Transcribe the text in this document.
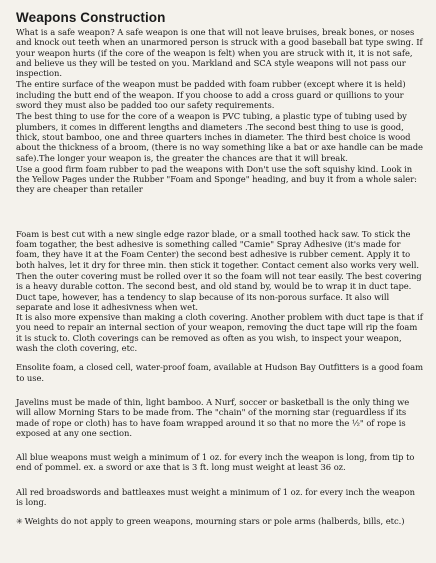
Weapons Construction

What is a safe weapon? A safe weapon is one that will not leave bruises, break bones, or noses and knock out teeth when an unarmored person is struck with a good baseball bat type swing. If your weapon hurts (if the core of the weapon is felt) when you are struck with it, it is not safe, and believe us they will be tested on you. Markland and SCA style weapons will not pass our inspection.

The entire surface of the weapon must be padded with foam rubber (except where it is held) including the butt end of the weapon. If you choose to add a cross guard or quillions to your sword they must also be padded too our safety requirements.

The best thing to use for the core of a weapon is PVC tubing, a plastic type of tubing used by plumbers, it comes in different lengths and diameters .The second best thing to use is good, thick, stout bamboo, one and three quarters inches in diameter. The third best choice is wood about the thickness of a broom, (there is no way something like a bat or axe handle can be made safe).The longer your weapon is, the greater the chances are that it will break.

Use a good firm foam rubber to pad the weapons with Don't use the soft squishy kind. Look in the Yellow Pages under the Rubber "Foam and Sponge" heading, and buy it from a whole saler: they are cheaper than retailer

Foam is best cut with a new single edge razor blade, or a small toothed hack saw. To stick the foam togather, the best adhesive is something called "Camie" Spray Adhesive (it's made for foam, they have it at the Foam Center) the second best adhesive is rubber cement. Apply it to both halves, let it dry for three min. then stick it together. Contact cement also works very well.

Then the outer covering must be rolled over it so the foam will not tear easily. The best covering is a heavy durable cotton. The second best, and old stand by, would be to wrap it in duct tape. Duct tape, however, has a tendency to slap because of its non-porous surface. It also will separate and lose it adhesivness when wet.

It is also more expensive than making a cloth covering. Another problem with duct tape is that if you need to repair an internal section of your weapon, removing the duct tape will rip the foam it is stuck to. Cloth coverings can be removed as often as you wish, to inspect your weapon, wash the cloth covering, etc.

Ensolite foam, a closed cell, water-proof foam, available at Hudson Bay Outfitters is a good foam to use.

Javelins must be made of thin, light bamboo. A Nurf, soccer or basketball is the only thing we will allow Morning Stars to be made from. The "chain" of the morning star (reguardless if its made of rope or cloth) has to have foam wrapped around it so that no more the ½" of rope is exposed at any one section.

All blue weapons must weigh a minimum of 1 oz. for every inch the weapon is long, from tip to end of pommel. ex. a sword or axe that is 3 ft. long must weight at least 36 oz.

All red broadswords and battleaxes must weight a minimum of 1 oz. for every inch the weapon is long.

✳ Weights do not apply to green weapons, mourning stars or pole arms (halberds, bills, etc.)
